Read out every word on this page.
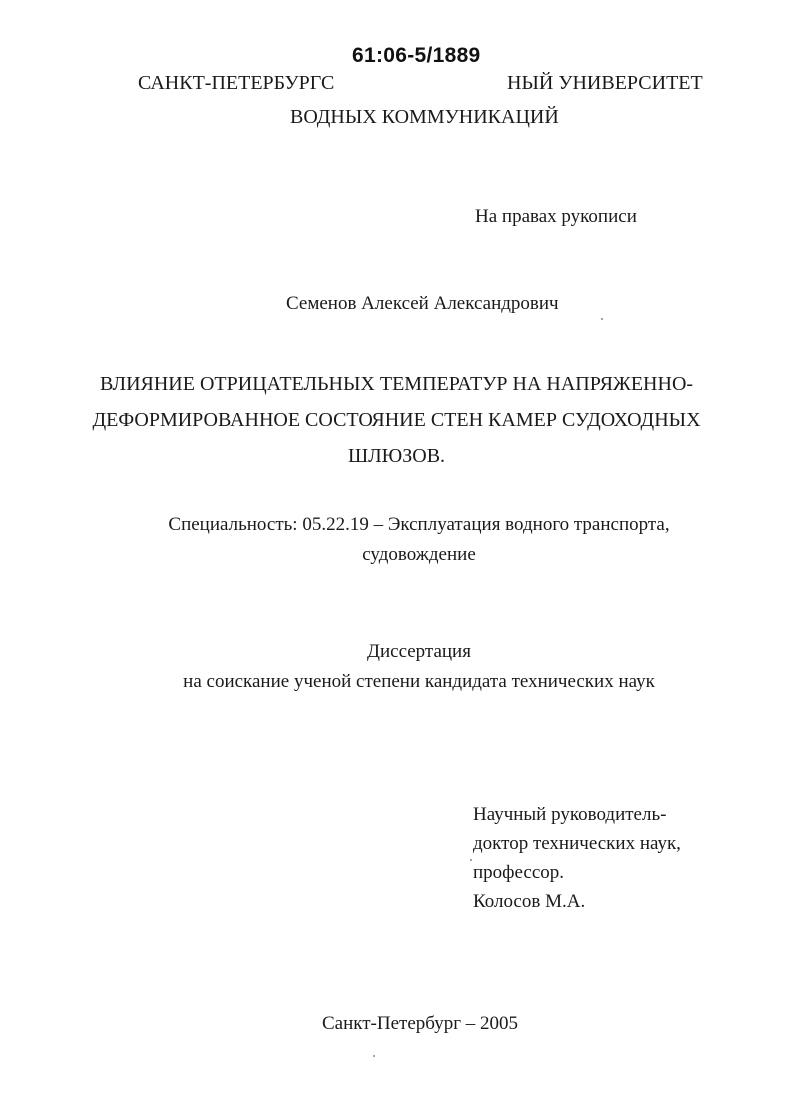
61:06-5/1889
САНКТ-ПЕТЕРБУРГС	НЫЙ УНИВЕРСИТЕТ
ВОДНЫХ КОММУНИКАЦИЙ
На правах рукописи
Семенов Алексей Александрович
ВЛИЯНИЕ ОТРИЦАТЕЛЬНЫХ ТЕМПЕРАТУР НА НАПРЯЖЕННО-
ДЕФОРМИРОВАННОЕ СОСТОЯНИЕ СТЕН КАМЕР СУДОХОДНЫХ
ШЛЮЗОВ.
Специальность: 05.22.19 – Эксплуатация водного транспорта,
судовождение
Диссертация
на соискание ученой степени кандидата технических наук
Научный руководитель-
доктор технических наук,
профессор.
Колосов М.А.
Санкт-Петербург – 2005
